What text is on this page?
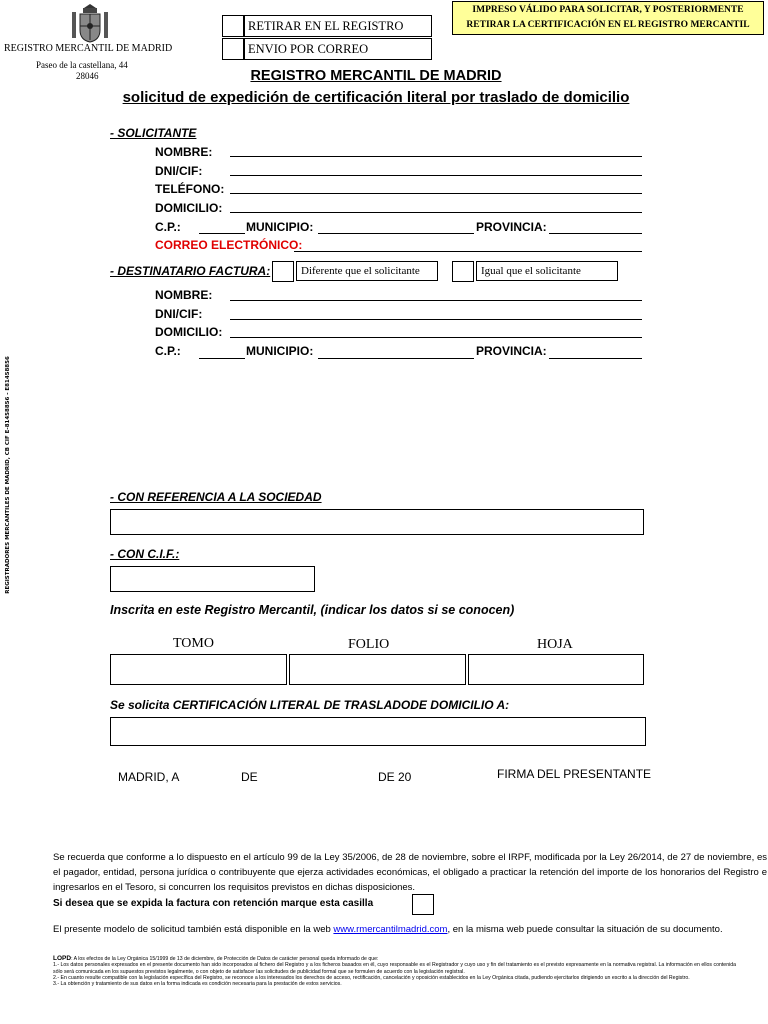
REGISTRO MERCANTIL DE MADRID
Paseo de la castellana, 44
28046
RETIRAR EN EL REGISTRO
ENVIO POR CORREO
IMPRESO VÁLIDO PARA SOLICITAR, Y POSTERIORMENTE
RETIRAR LA CERTIFICACIÓN EN EL REGISTRO MERCANTIL
REGISTRO MERCANTIL DE MADRID
solicitud de expedición de certificación literal por traslado de domicilio
REGISTRADORES MERCANTILES DE MADRID, CB CIF E-81458856 - E81458856
- SOLICITANTE
NOMBRE:
DNI/CIF:
TELÉFONO:
DOMICILIO:
C.P.:	MUNICIPIO:	PROVINCIA:
CORREO ELECTRÓNICO:
- DESTINATARIO FACTURA:	Diferente que el solicitante	Igual que el solicitante
NOMBRE:
DNI/CIF:
DOMICILIO:
C.P.:	MUNICIPIO:	PROVINCIA:
- CON REFERENCIA A LA SOCIEDAD
- CON C.I.F.:
Inscrita en este Registro Mercantil, (indicar los datos si se conocen)
TOMO	FOLIO	HOJA
Se solicita CERTIFICACIÓN LITERAL DE TRASLADODE DOMICILIO A:
MADRID, A	DE	DE 20	FIRMA DEL PRESENTANTE
Se recuerda que conforme a lo dispuesto en el artículo 99 de la Ley 35/2006, de 28 de noviembre, sobre el IRPF, modificada por la Ley 26/2014, de 27 de noviembre, es el pagador, entidad, persona jurídica o contribuyente que ejerza actividades económicas, el obligado a practicar la retención del importe de los honorarios del Registro e ingresarlos en el Tesoro, si concurren los requisitos previstos en dichas disposiciones.
Si desea que se expida la factura con retención marque esta casilla
El presente modelo de solicitud también está disponible en la web www.rmercantilmadrid.com, en la misma web puede consultar la situación de su documento.
LOPD: A los efectos de la Ley Orgánica 15/1999 de 13 de diciembre, de Protección de Datos de carácter personal queda informado de que:
1.- Los datos personales expresados en el presente documento han sido incorporados al fichero del Registro y a los ficheros basados en él, cuyo responsable es el Registrador y cuyo uso y fin del tratamiento es el previsto expresamente en la normativa registral. La información en ellos contenida sólo será comunicada en los supuestos previstos legalmente, o con objeto de satisfacer las solicitudes de publicidad formal que se formulen de acuerdo con la legislación registral.
2.- En cuanto resulte compatible con la legislación específica del Registro, se reconoce a los interesados los derechos de acceso, rectificación, cancelación y oposición establecidos en la Ley Orgánica citada, pudiendo ejercitarlos dirigiendo un escrito a la dirección del Registro.
3.- La obtención y tratamiento de sus datos en la forma indicada es condición necesaria para la prestación de estos servicios.
